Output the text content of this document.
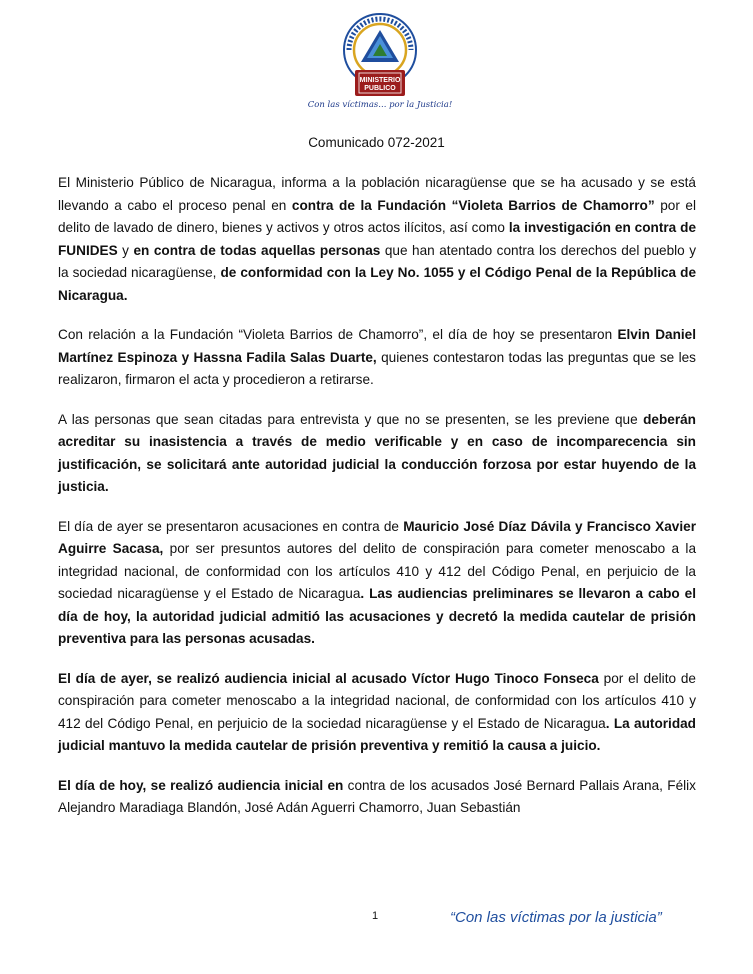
MINISTERIO
PUBLICO
Con las víctimas... por la Justicia!
Comunicado 072-2021

El Ministerio Público de Nicaragua, informa a la población nicaragüense que se ha acusado y se está llevando a cabo el proceso penal en contra de la Fundación “Violeta Barrios de Chamorro” por el delito de lavado de dinero, bienes y activos y otros actos ilícitos, así como la investigación en contra de FUNIDES y en contra de todas aquellas personas que han atentado contra los derechos del pueblo y la sociedad nicaragüense, de conformidad con la Ley No. 1055 y el Código Penal de la República de Nicaragua.

Con relación a la Fundación “Violeta Barrios de Chamorro”, el día de hoy se presentaron Elvin Daniel Martínez Espinoza y Hassna Fadila Salas Duarte, quienes contestaron todas las preguntas que se les realizaron, firmaron el acta y procedieron a retirarse.

A las personas que sean citadas para entrevista y que no se presenten, se les previene que deberán acreditar su inasistencia a través de medio verificable y en caso de incomparecencia sin justificación, se solicitará ante autoridad judicial la conducción forzosa por estar huyendo de la justicia.

El día de ayer se presentaron acusaciones en contra de Mauricio José Díaz Dávila y Francisco Xavier Aguirre Sacasa, por ser presuntos autores del delito de conspiración para cometer menoscabo a la integridad nacional, de conformidad con los artículos 410 y 412 del Código Penal, en perjuicio de la sociedad nicaragüense y el Estado de Nicaragua. Las audiencias preliminares se llevaron a cabo el día de hoy, la autoridad judicial admitió las acusaciones y decretó la medida cautelar de prisión preventiva para las personas acusadas.

El día de ayer, se realizó audiencia inicial al acusado Víctor Hugo Tinoco Fonseca por el delito de conspiración para cometer menoscabo a la integridad nacional, de conformidad con los artículos 410 y 412 del Código Penal, en perjuicio de la sociedad nicaragüense y el Estado de Nicaragua. La autoridad judicial mantuvo la medida cautelar de prisión preventiva y remitió la causa a juicio.

El día de hoy, se realizó audiencia inicial en contra de los acusados José Bernard Pallais Arana, Félix Alejandro Maradiaga Blandón, José Adán Aguerri Chamorro, Juan Sebastián

1	“Con las víctimas por la justicia”
